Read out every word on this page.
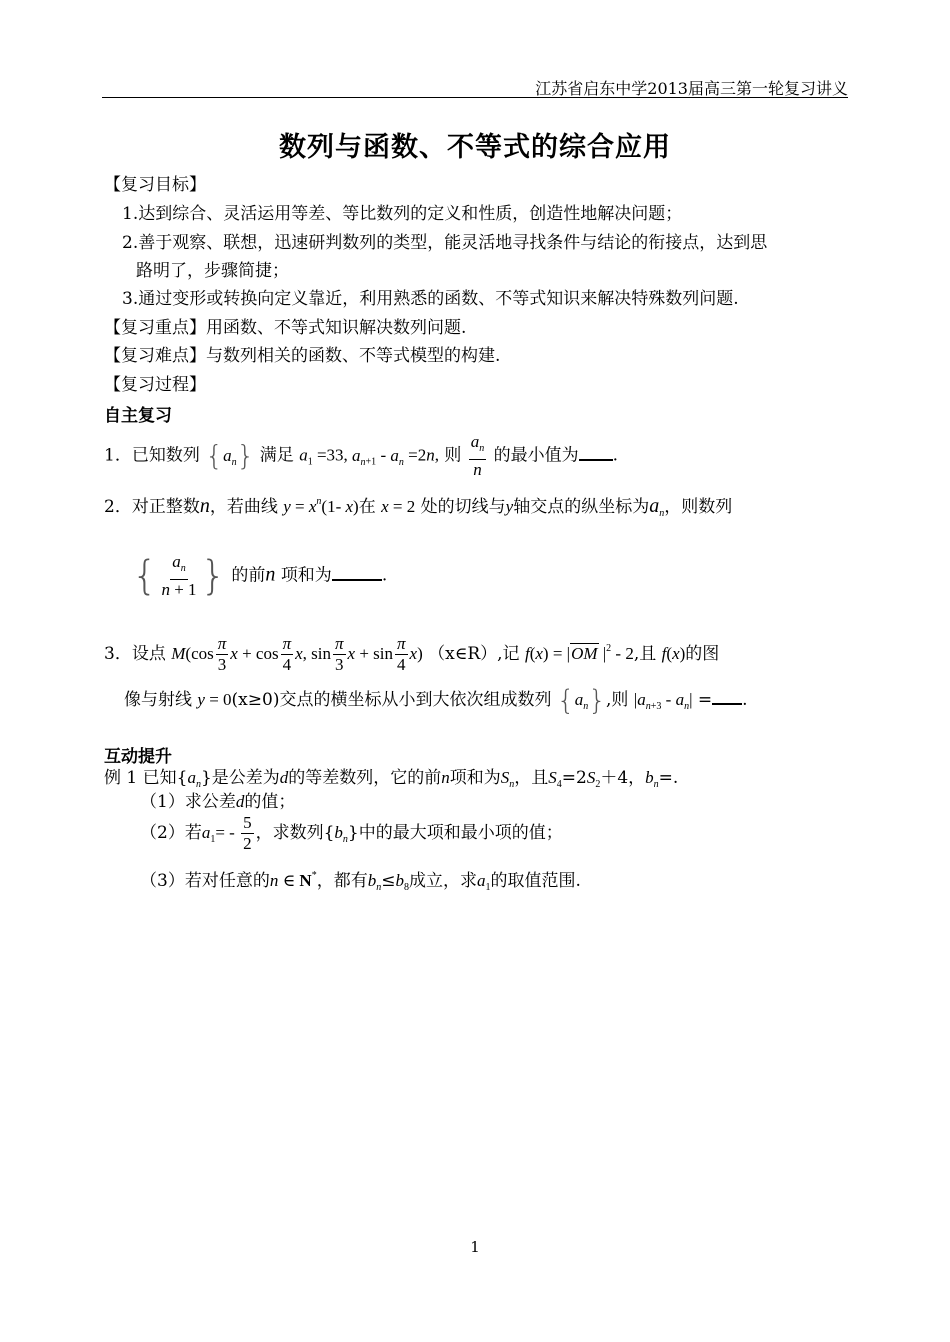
江苏省启东中学2013届高三第一轮复习讲义
数列与函数、不等式的综合应用
【复习目标】
1.达到综合、灵活运用等差、等比数列的定义和性质，创造性地解决问题；
2.善于观察、联想，迅速研判数列的类型，能灵活地寻找条件与结论的衔接点，达到思
路明了，步骤简捷；
3.通过变形或转换向定义靠近，利用熟悉的函数、不等式知识来解决特殊数列问题.
【复习重点】用函数、不等式知识解决数列问题.
【复习难点】与数列相关的函数、不等式模型的构建.
【复习过程】
自主复习
1．已知数列 $\{a_n\}$ 满足 $a_1 =33$, $a_{n+1} - a_n =2n$, 则 $\frac{a_n}{n}$ 的最小值为 .
2．对正整数n，若曲线 $y = x^n(1-$ x)在 x = 2 处的切线与y轴交点的纵坐标为$a_n$，则数列
{ $\frac{a_n}{n + 1}$ } 的前n 项和为	.
3．设点 $M(\cos \frac{\pi}{3}$ $x + \cos \frac{\pi}{4} x$, $\sin \frac{\pi}{3}$ $x + \sin \frac{\pi}{4} x$) （x∈R）,记 f(x) = |OM $|^2 - 2$,且 f(x)的图
像与射线 y = 0(x≥0)交点的横坐标从小到大依次组成数列 $\{a_n\}$,则 $|a_{n+3} - a_n|$ = .
互动提升
例 1 已知$\{a_n\}$是公差为d的等差数列，它的前n项和为$S_n$，且$S_4=2S_2+4$，$b_n=$.
（1）求公差d的值；
（2）若$a_1= - \frac{5}{2}$ ，求数列$\{b_n\}$中的最大项和最小项的值；
（3）若对任意的n ∈ N*，都有$b_n\le b_8$成立，求$a_1$的取值范围.
1
